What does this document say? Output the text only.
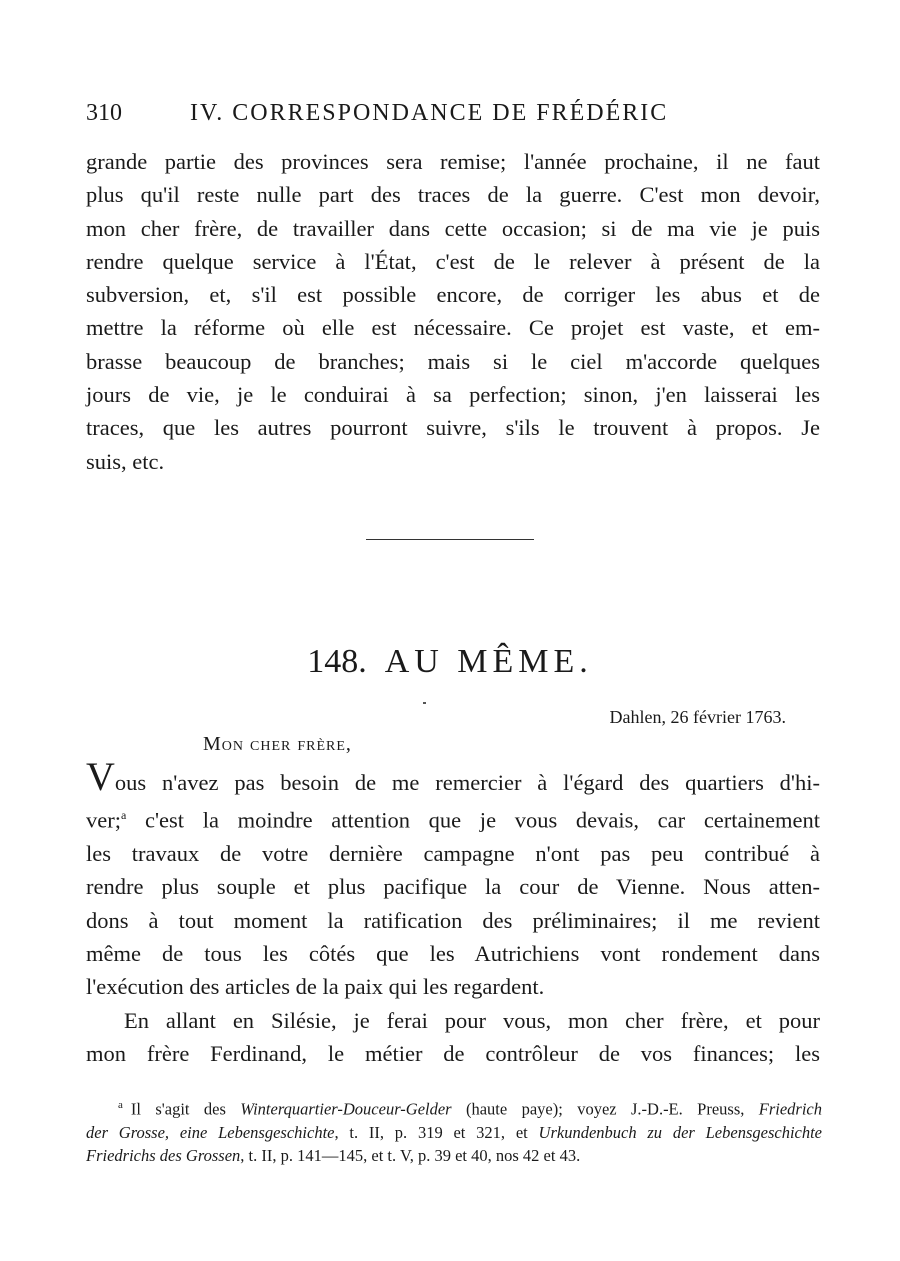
310	IV. CORRESPONDANCE DE FRÉDÉRIC
grande partie des provinces sera remise; l'année prochaine, il ne faut
plus qu'il reste nulle part des traces de la guerre. C'est mon devoir,
mon cher frère, de travailler dans cette occasion; si de ma vie je puis
rendre quelque service à l'État, c'est de le relever à présent de la
subversion, et, s'il est possible encore, de corriger les abus et de
mettre la réforme où elle est nécessaire. Ce projet est vaste, et em-
brasse beaucoup de branches; mais si le ciel m'accorde quelques
jours de vie, je le conduirai à sa perfection; sinon, j'en laisserai les
traces, que les autres pourront suivre, s'ils le trouvent à propos. Je
suis, etc.
148. AU MÊME.
Dahlen, 26 février 1763.
Mon cher frère,
Vous n'avez pas besoin de me remercier à l'égard des quartiers d'hi-
ver;$^a$ c'est la moindre attention que je vous devais, car certainement
les travaux de votre dernière campagne n'ont pas peu contribué à
rendre plus souple et plus pacifique la cour de Vienne. Nous atten-
dons à tout moment la ratification des préliminaires; il me revient
même de tous les côtés que les Autrichiens vont rondement dans
l'exécution des articles de la paix qui les regardent.
En allant en Silésie, je ferai pour vous, mon cher frère, et pour
mon frère Ferdinand, le métier de contrôleur de vos finances; les
$^a$ Il s'agit des Winterquartier-Douceur-Gelder (haute paye); voyez J.-D.-E. Preuss, Friedrich
der Grosse, eine Lebensgeschichte, t. II, p. 319 et 321, et Urkundenbuch zu der Lebensgeschichte
Friedrichs des Grossen, t. II, p. 141—145, et t. V, p. 39 et 40, nos 42 et 43.
